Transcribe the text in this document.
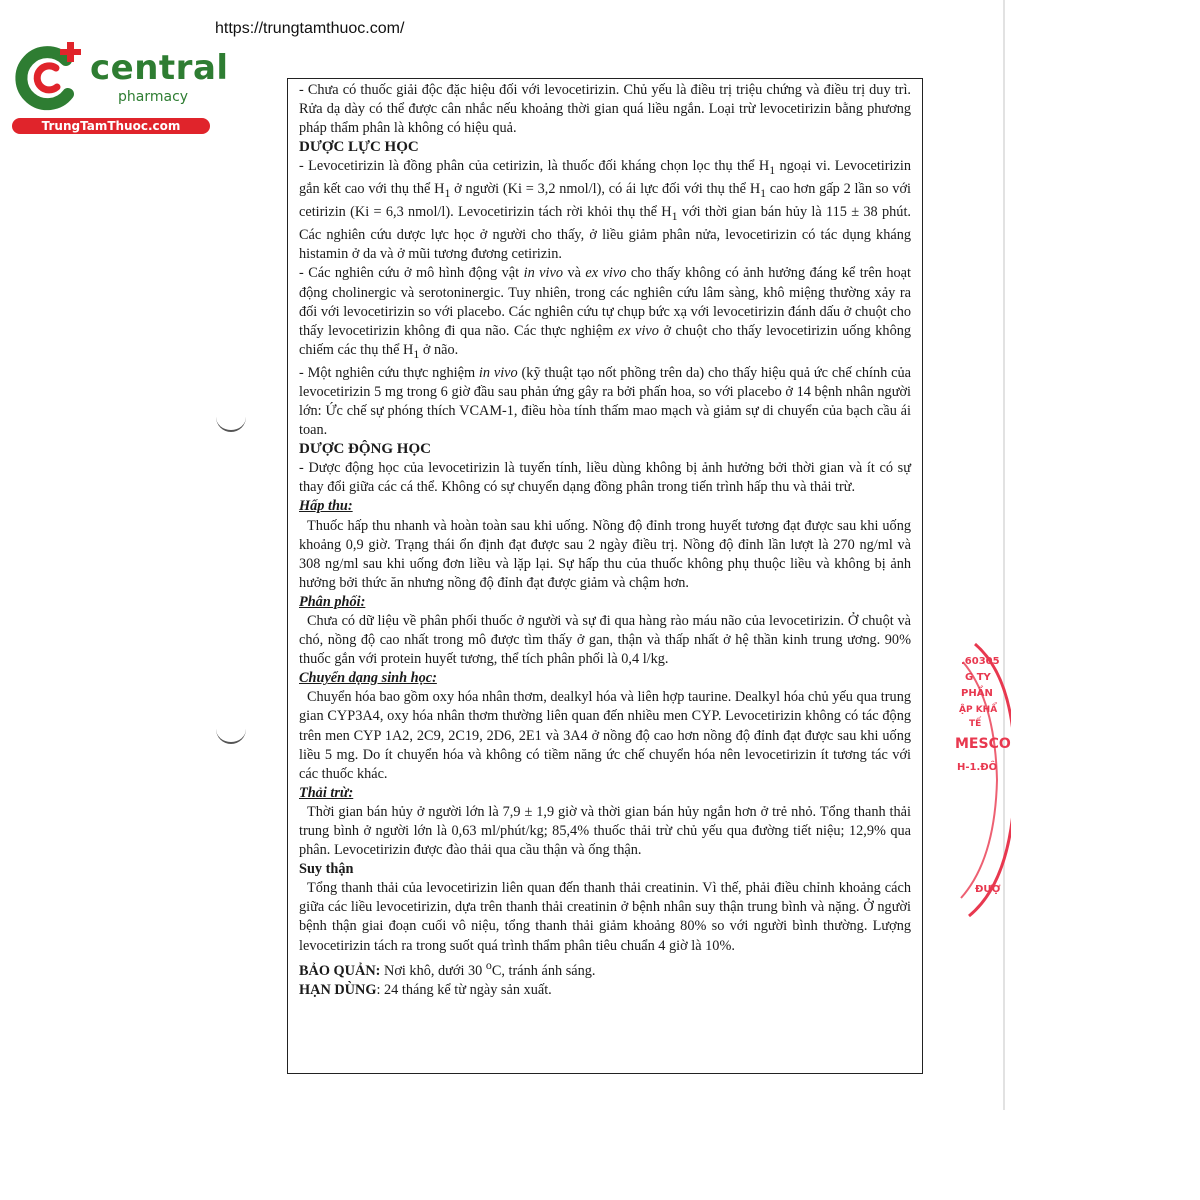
https://trungtamthuoc.com/
central
pharmacy
TrungTamThuoc.com
.60305
G TY
PHẦN
ẬP KHẨ
TẾ
MESCO
H-1.ĐÔ
ĐƯỢ

- Chưa có thuốc giải độc đặc hiệu đối với levocetirizin. Chủ yếu là điều trị triệu chứng và điều trị duy trì. Rửa dạ dày có thể được cân nhắc nếu khoảng thời gian quá liều ngắn. Loại trừ levocetirizin bằng phương pháp thẩm phân là không có hiệu quả.

DƯỢC LỰC HỌC

- Levocetirizin là đồng phân của cetirizin, là thuốc đối kháng chọn lọc thụ thể $H_1$ ngoại vi. Levocetirizin gắn kết cao với thụ thể $H_1$ ở người (Ki = 3,2 nmol/l), có ái lực đối với thụ thể $H_1$ cao hơn gấp 2 lần so với cetirizin (Ki = 6,3 nmol/l). Levocetirizin tách rời khỏi thụ thể $H_1$ với thời gian bán hủy là 115 ± 38 phút. Các nghiên cứu dược lực học ở người cho thấy, ở liều giảm phân nửa, levocetirizin có tác dụng kháng histamin ở da và ở mũi tương đương cetirizin.

- Các nghiên cứu ở mô hình động vật in vivo và ex vivo cho thấy không có ảnh hưởng đáng kể trên hoạt động cholinergic và serotoninergic. Tuy nhiên, trong các nghiên cứu lâm sàng, khô miệng thường xảy ra đối với levocetirizin so với placebo. Các nghiên cứu tự chụp bức xạ với levocetirizin đánh dấu ở chuột cho thấy levocetirizin không đi qua não. Các thực nghiệm ex vivo ở chuột cho thấy levocetirizin uống không chiếm các thụ thể $H_1$ ở não.

- Một nghiên cứu thực nghiệm in vivo (kỹ thuật tạo nốt phồng trên da) cho thấy hiệu quả ức chế chính của levocetirizin 5 mg trong 6 giờ đầu sau phản ứng gây ra bởi phấn hoa, so với placebo ở 14 bệnh nhân người lớn: Ức chế sự phóng thích VCAM-1, điều hòa tính thấm mao mạch và giảm sự di chuyển của bạch cầu ái toan.

DƯỢC ĐỘNG HỌC

- Dược động học của levocetirizin là tuyến tính, liều dùng không bị ảnh hưởng bởi thời gian và ít có sự thay đổi giữa các cá thể. Không có sự chuyển dạng đồng phân trong tiến trình hấp thu và thải trừ.

Hấp thu:

Thuốc hấp thu nhanh và hoàn toàn sau khi uống. Nồng độ đỉnh trong huyết tương đạt được sau khi uống khoảng 0,9 giờ. Trạng thái ổn định đạt được sau 2 ngày điều trị. Nồng độ đỉnh lần lượt là 270 ng/ml và 308 ng/ml sau khi uống đơn liều và lặp lại. Sự hấp thu của thuốc không phụ thuộc liều và không bị ảnh hưởng bởi thức ăn nhưng nồng độ đỉnh đạt được giảm và chậm hơn.

Phân phối:

Chưa có dữ liệu về phân phối thuốc ở người và sự đi qua hàng rào máu não của levocetirizin. Ở chuột và chó, nồng độ cao nhất trong mô được tìm thấy ở gan, thận và thấp nhất ở hệ thần kinh trung ương. 90% thuốc gắn với protein huyết tương, thể tích phân phối là 0,4 l/kg.

Chuyển dạng sinh học:

Chuyển hóa bao gồm oxy hóa nhân thơm, dealkyl hóa và liên hợp taurine. Dealkyl hóa chủ yếu qua trung gian CYP3A4, oxy hóa nhân thơm thường liên quan đến nhiều men CYP. Levocetirizin không có tác động trên men CYP 1A2, 2C9, 2C19, 2D6, 2E1 và 3A4 ở nồng độ cao hơn nồng độ đỉnh đạt được sau khi uống liều 5 mg. Do ít chuyển hóa và không có tiềm năng ức chế chuyển hóa nên levocetirizin ít tương tác với các thuốc khác.

Thải trừ:

Thời gian bán hủy ở người lớn là 7,9 ± 1,9 giờ và thời gian bán hủy ngắn hơn ở trẻ nhỏ. Tổng thanh thải trung bình ở người lớn là 0,63 ml/phút/kg; 85,4% thuốc thải trừ chủ yếu qua đường tiết niệu; 12,9% qua phân. Levocetirizin được đào thải qua cầu thận và ống thận.

Suy thận

Tổng thanh thải của levocetirizin liên quan đến thanh thải creatinin. Vì thế, phải điều chỉnh khoảng cách giữa các liều levocetirizin, dựa trên thanh thải creatinin ở bệnh nhân suy thận trung bình và nặng. Ở người bệnh thận giai đoạn cuối vô niệu, tổng thanh thải giảm khoảng 80% so với người bình thường. Lượng levocetirizin tách ra trong suốt quá trình thẩm phân tiêu chuẩn 4 giờ là 10%.

BẢO QUẢN: Nơi khô, dưới 30 $^o$C, tránh ánh sáng.

HẠN DÙNG: 24 tháng kể từ ngày sản xuất.
